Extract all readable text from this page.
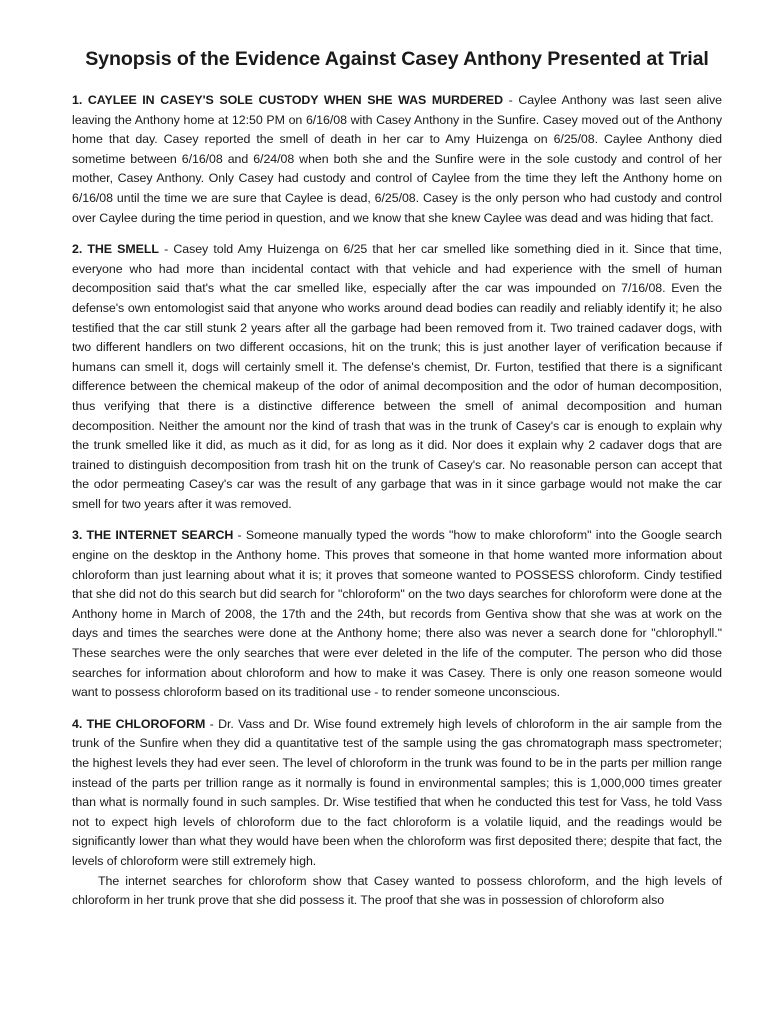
Synopsis of the Evidence Against Casey Anthony Presented at Trial

1. CAYLEE IN CASEY'S SOLE CUSTODY WHEN SHE WAS MURDERED - Caylee Anthony was last seen alive leaving the Anthony home at 12:50 PM on 6/16/08 with Casey Anthony in the Sunfire. Casey moved out of the Anthony home that day. Casey reported the smell of death in her car to Amy Huizenga on 6/25/08. Caylee Anthony died sometime between 6/16/08 and 6/24/08 when both she and the Sunfire were in the sole custody and control of her mother, Casey Anthony. Only Casey had custody and control of Caylee from the time they left the Anthony home on 6/16/08 until the time we are sure that Caylee is dead, 6/25/08. Casey is the only person who had custody and control over Caylee during the time period in question, and we know that she knew Caylee was dead and was hiding that fact.

2. THE SMELL - Casey told Amy Huizenga on 6/25 that her car smelled like something died in it. Since that time, everyone who had more than incidental contact with that vehicle and had experience with the smell of human decomposition said that's what the car smelled like, especially after the car was impounded on 7/16/08. Even the defense's own entomologist said that anyone who works around dead bodies can readily and reliably identify it; he also testified that the car still stunk 2 years after all the garbage had been removed from it. Two trained cadaver dogs, with two different handlers on two different occasions, hit on the trunk; this is just another layer of verification because if humans can smell it, dogs will certainly smell it. The defense's chemist, Dr. Furton, testified that there is a significant difference between the chemical makeup of the odor of animal decomposition and the odor of human decomposition, thus verifying that there is a distinctive difference between the smell of animal decomposition and human decomposition. Neither the amount nor the kind of trash that was in the trunk of Casey's car is enough to explain why the trunk smelled like it did, as much as it did, for as long as it did. Nor does it explain why 2 cadaver dogs that are trained to distinguish decomposition from trash hit on the trunk of Casey's car. No reasonable person can accept that the odor permeating Casey's car was the result of any garbage that was in it since garbage would not make the car smell for two years after it was removed.

3. THE INTERNET SEARCH - Someone manually typed the words "how to make chloroform" into the Google search engine on the desktop in the Anthony home. This proves that someone in that home wanted more information about chloroform than just learning about what it is; it proves that someone wanted to POSSESS chloroform. Cindy testified that she did not do this search but did search for "chloroform" on the two days searches for chloroform were done at the Anthony home in March of 2008, the 17th and the 24th, but records from Gentiva show that she was at work on the days and times the searches were done at the Anthony home; there also was never a search done for "chlorophyll." These searches were the only searches that were ever deleted in the life of the computer. The person who did those searches for information about chloroform and how to make it was Casey. There is only one reason someone would want to possess chloroform based on its traditional use - to render someone unconscious.

4. THE CHLOROFORM - Dr. Vass and Dr. Wise found extremely high levels of chloroform in the air sample from the trunk of the Sunfire when they did a quantitative test of the sample using the gas chromatograph mass spectrometer; the highest levels they had ever seen. The level of chloroform in the trunk was found to be in the parts per million range instead of the parts per trillion range as it normally is found in environmental samples; this is 1,000,000 times greater than what is normally found in such samples. Dr. Wise testified that when he conducted this test for Vass, he told Vass not to expect high levels of chloroform due to the fact chloroform is a volatile liquid, and the readings would be significantly lower than what they would have been when the chloroform was first deposited there; despite that fact, the levels of chloroform were still extremely high.

The internet searches for chloroform show that Casey wanted to possess chloroform, and the high levels of chloroform in her trunk prove that she did possess it. The proof that she was in possession of chloroform also
